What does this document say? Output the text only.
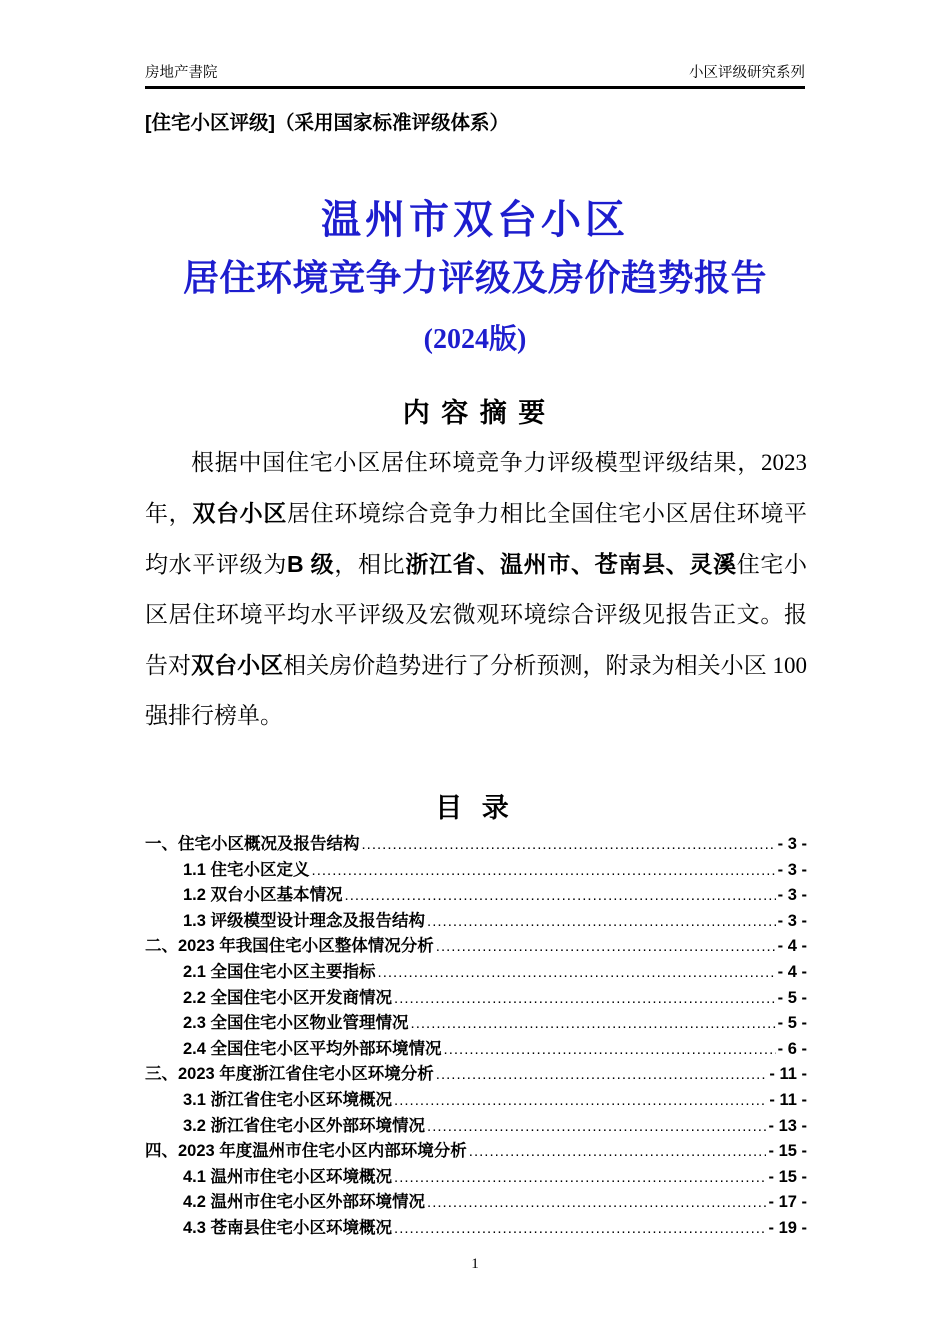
房地产書院	小区评级研究系列
[住宅小区评级]（采用国家标准评级体系）
温州市双台小区
居住环境竞争力评级及房价趋势报告
(2024版)
内 容 摘 要
根据中国住宅小区居住环境竞争力评级模型评级结果，2023 年，双台小区居住环境综合竞争力相比全国住宅小区居住环境平均水平评级为B 级，相比浙江省、温州市、苍南县、灵溪住宅小区居住环境平均水平评级及宏微观环境综合评级见报告正文。报告对双台小区相关房价趋势进行了分析预测，附录为相关小区 100 强排行榜单。
目 录
一、住宅小区概况及报告结构 .....	- 3 -
1.1 住宅小区定义 .....	- 3 -
1.2 双台小区基本情况 .....	- 3 -
1.3 评级模型设计理念及报告结构 .....	- 3 -
二、2023 年我国住宅小区整体情况分析 .....	- 4 -
2.1 全国住宅小区主要指标 .....	- 4 -
2.2 全国住宅小区开发商情况 .....	- 5 -
2.3 全国住宅小区物业管理情况 .....	- 5 -
2.4 全国住宅小区平均外部环境情况 .....	- 6 -
三、2023 年度浙江省住宅小区环境分析 .....	- 11 -
3.1 浙江省住宅小区环境概况 .....	- 11 -
3.2 浙江省住宅小区外部环境情况 .....	- 13 -
四、2023 年度温州市住宅小区内部环境分析 .....	- 15 -
4.1 温州市住宅小区环境概况 .....	- 15 -
4.2 温州市住宅小区外部环境情况 .....	- 17 -
4.3 苍南县住宅小区环境概况 .....	- 19 -
1
